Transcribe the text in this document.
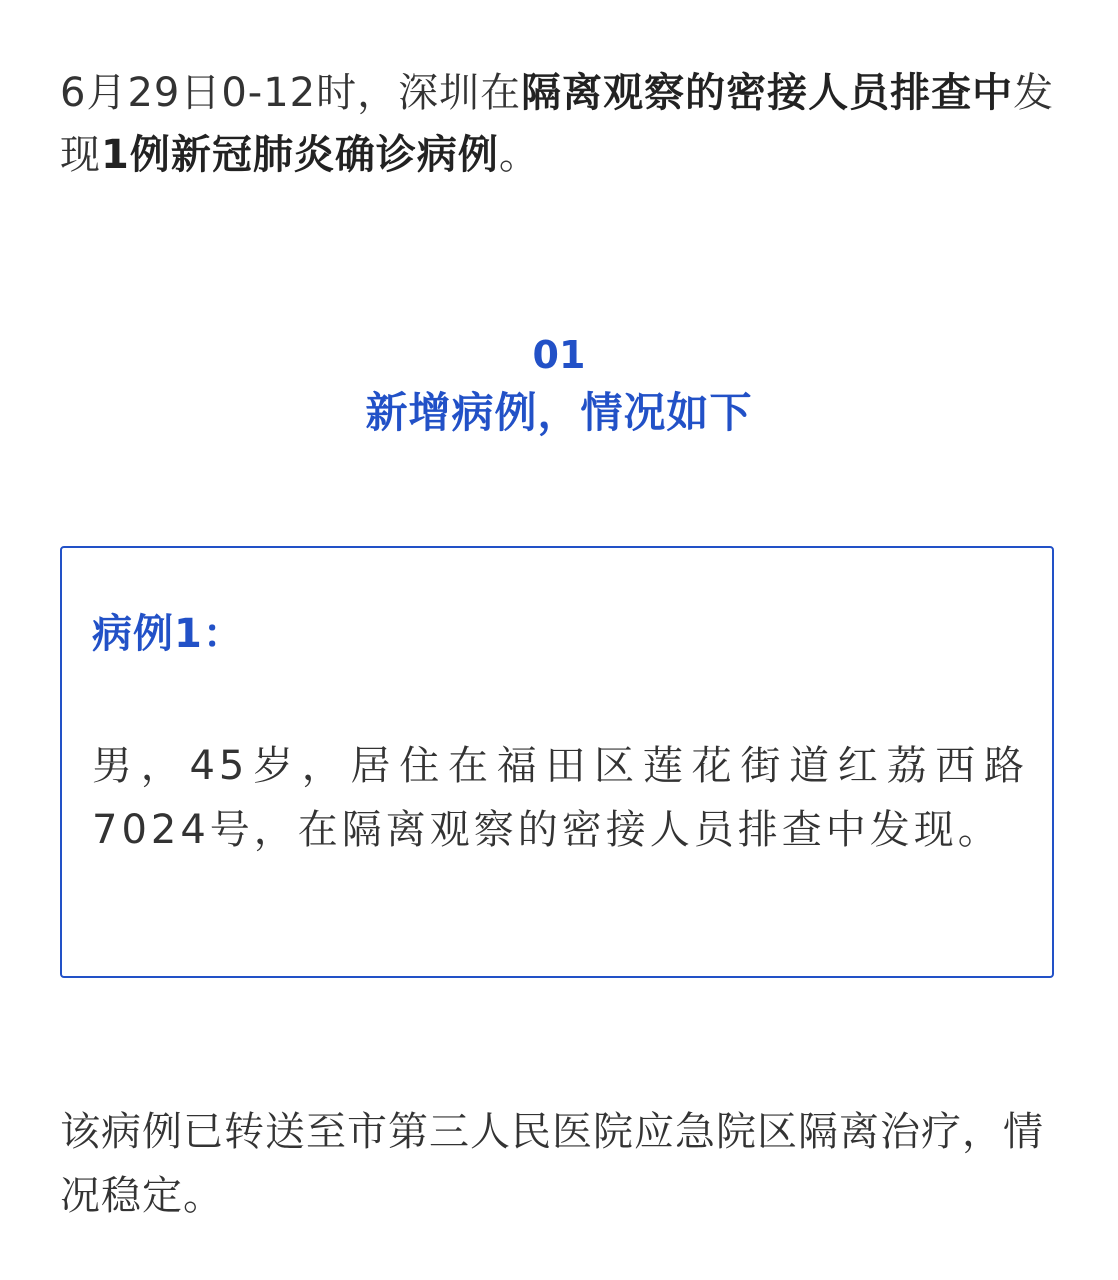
6月29日0-12时，深圳在隔离观察的密接人员排查中发现1例新冠肺炎确诊病例。

01
新增病例，情况如下

病例1：

男，45岁，居住在福田区莲花街道红荔西路7024号，在隔离观察的密接人员排查中发现。

该病例已转送至市第三人民医院应急院区隔离治疗，情况稳定。
